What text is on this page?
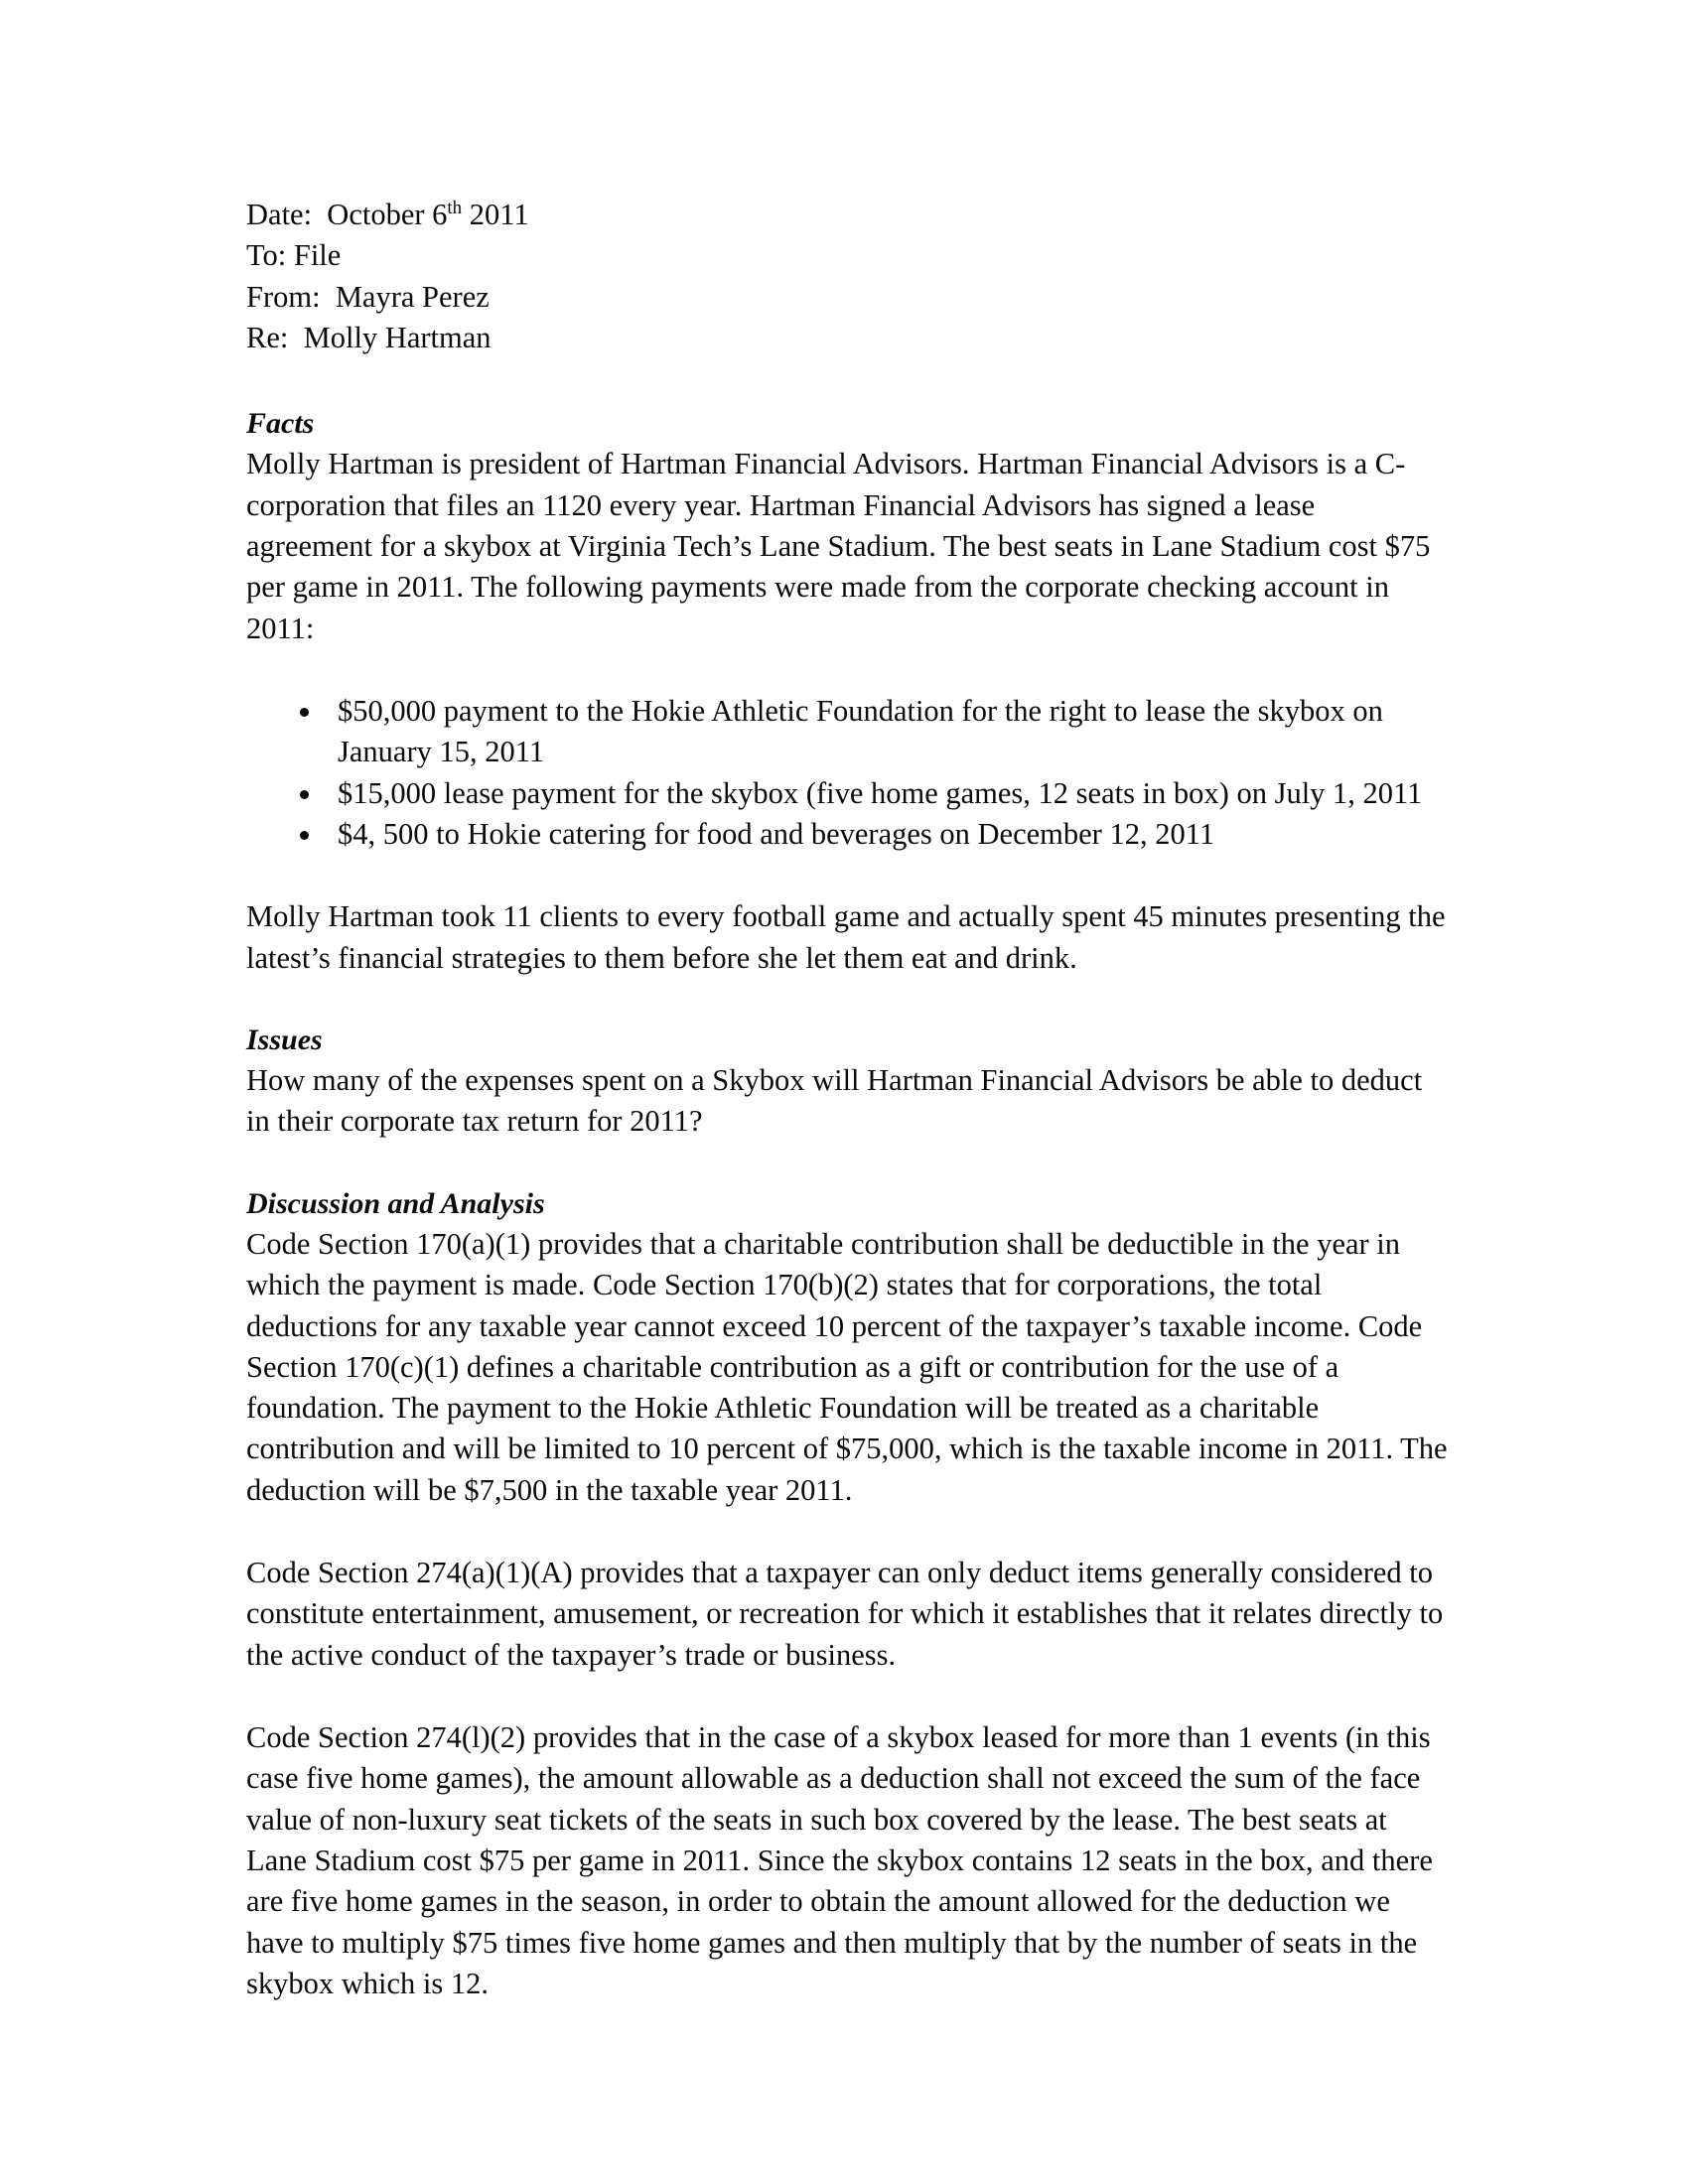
Date:  October 6th 2011
To: File
From:  Mayra Perez
Re:  Molly Hartman
Facts

Molly Hartman is president of Hartman Financial Advisors. Hartman Financial Advisors is a C-corporation that files an 1120 every year. Hartman Financial Advisors has signed a lease agreement for a skybox at Virginia Tech’s Lane Stadium. The best seats in Lane Stadium cost $75 per game in 2011. The following payments were made from the corporate checking account in 2011:

$50,000 payment to the Hokie Athletic Foundation for the right to lease the skybox on January 15, 2011
$15,000 lease payment for the skybox (five home games, 12 seats in box) on July 1, 2011
$4, 500 to Hokie catering for food and beverages on December 12, 2011

Molly Hartman took 11 clients to every football game and actually spent 45 minutes presenting the latest’s financial strategies to them before she let them eat and drink.

Issues

How many of the expenses spent on a Skybox will Hartman Financial Advisors be able to deduct in their corporate tax return for 2011?

Discussion and Analysis

Code Section 170(a)(1) provides that a charitable contribution shall be deductible in the year in which the payment is made. Code Section 170(b)(2) states that for corporations, the total deductions for any taxable year cannot exceed 10 percent of the taxpayer’s taxable income. Code Section 170(c)(1) defines a charitable contribution as a gift or contribution for the use of a foundation. The payment to the Hokie Athletic Foundation will be treated as a charitable contribution and will be limited to 10 percent of $75,000, which is the taxable income in 2011. The deduction will be $7,500 in the taxable year 2011.

Code Section 274(a)(1)(A) provides that a taxpayer can only deduct items generally considered to constitute entertainment, amusement, or recreation for which it establishes that it relates directly to the active conduct of the taxpayer’s trade or business.

Code Section 274(l)(2) provides that in the case of a skybox leased for more than 1 events (in this case five home games), the amount allowable as a deduction shall not exceed the sum of the face value of non-luxury seat tickets of the seats in such box covered by the lease. The best seats at Lane Stadium cost $75 per game in 2011. Since the skybox contains 12 seats in the box, and there are five home games in the season, in order to obtain the amount allowed for the deduction we have to multiply $75 times five home games and then multiply that by the number of seats in the skybox which is 12.
